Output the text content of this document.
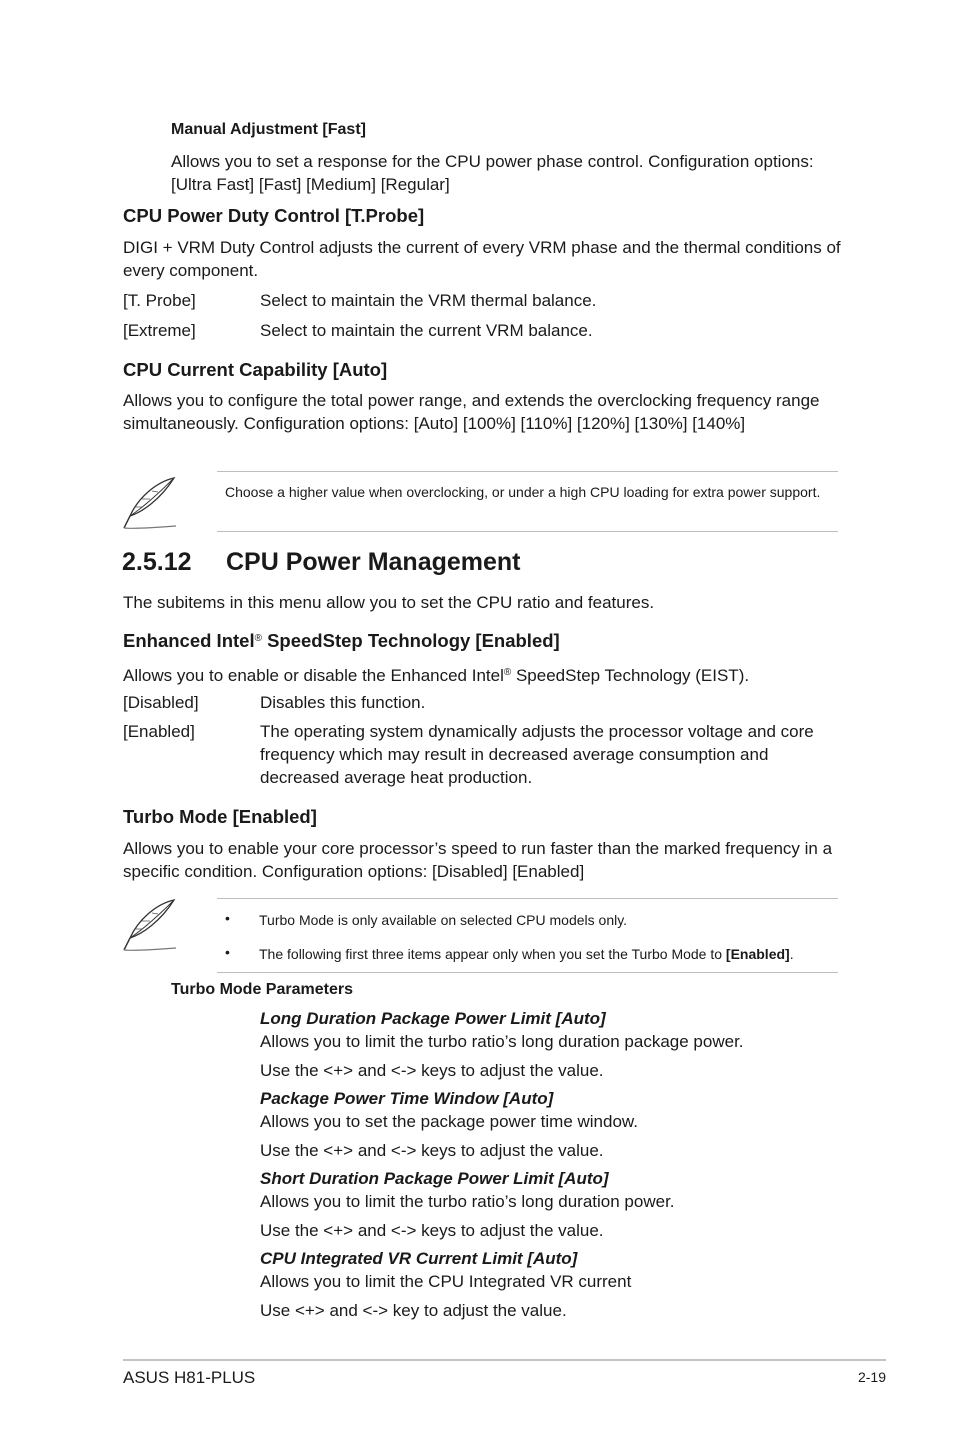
Manual Adjustment [Fast]
Allows you to set a response for the CPU power phase control. Configuration options: [Ultra Fast] [Fast] [Medium] [Regular]
CPU Power Duty Control [T.Probe]
DIGI + VRM Duty Control adjusts the current of every VRM phase and the thermal conditions of every component.
[T. Probe]	Select to maintain the VRM thermal balance.
[Extreme]	Select to maintain the current VRM balance.
CPU Current Capability [Auto]
Allows you to configure the total power range, and extends the overclocking frequency range simultaneously. Configuration options: [Auto] [100%] [110%] [120%] [130%] [140%]
Choose a higher value when overclocking, or under a high CPU loading for extra power support.
2.5.12 CPU Power Management
The subitems in this menu allow you to set the CPU ratio and features.
Enhanced Intel® SpeedStep Technology [Enabled]
Allows you to enable or disable the Enhanced Intel® SpeedStep Technology (EIST).
[Disabled]	Disables this function.
[Enabled]	The operating system dynamically adjusts the processor voltage and core frequency which may result in decreased average consumption and decreased average heat production.
Turbo Mode [Enabled]
Allows you to enable your core processor’s speed to run faster than the marked frequency in a specific condition. Configuration options: [Disabled] [Enabled]
• Turbo Mode is only available on selected CPU models only.
• The following first three items appear only when you set the Turbo Mode to [Enabled].
Turbo Mode Parameters
Long Duration Package Power Limit [Auto]
Allows you to limit the turbo ratio’s long duration package power.
Use the <+> and <-> keys to adjust the value.
Package Power Time Window [Auto]
Allows you to set the package power time window.
Use the <+> and <-> keys to adjust the value.
Short Duration Package Power Limit [Auto]
Allows you to limit the turbo ratio’s long duration power.
Use the <+> and <-> keys to adjust the value.
CPU Integrated VR Current Limit [Auto]
Allows you to limit the CPU Integrated VR current
Use <+> and <-> key to adjust the value.
ASUS H81-PLUS	2-19
